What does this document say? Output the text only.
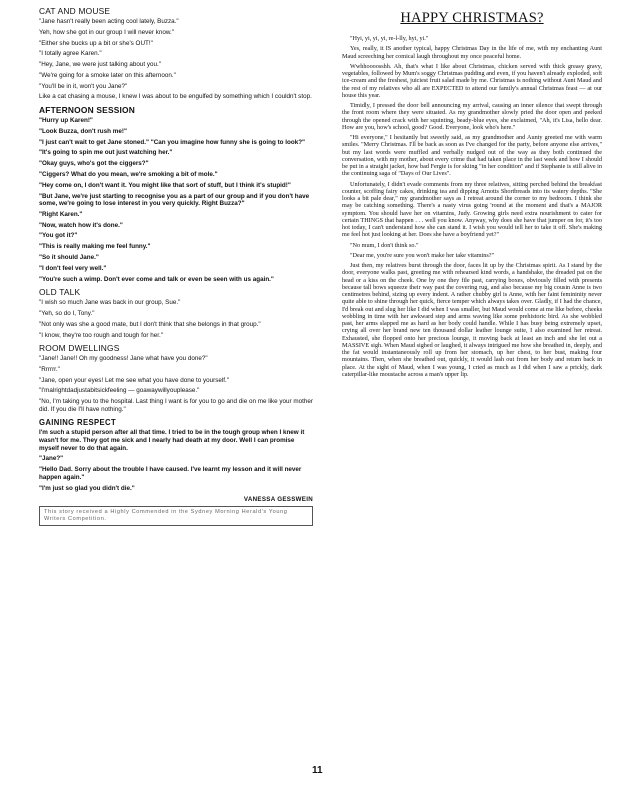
CAT AND MOUSE

"Jane hasn't really been acting cool lately, Buzza."

Yeh, how she got in our group I will never know."

"Either she bucks up a bit or she's OUT!"

"I totally agree Karen."

"Hey, Jane, we were just talking about you."

"We're going for a smoke later on this afternoon."

"You'll be in it, won't you Jane?"

Like a cat chasing a mouse, I knew I was about to be engulfed by something which I couldn't stop.

AFTERNOON SESSION

"Hurry up Karen!"

"Look Buzza, don't rush me!"

"I just can't wait to get Jane stoned." "Can you imagine how funny she is going to look?"

"It's going to spin me out just watching her."

"Okay guys, who's got the ciggers?"

"Ciggers? What do you mean, we're smoking a bit of mole."

"Hey come on, I don't want it. You might like that sort of stuff, but I think it's stupid!"

"But Jane, we're just starting to recognise you as a part of our group and if you don't have some, we're going to lose interest in you very quickly. Right Buzza?"

"Right Karen."

"Now, watch how it's done."

"You got it?"

"This is really making me feel funny."

"So it should Jane."

"I don't feel very well."

"You're such a wimp. Don't ever come and talk or even be seen with us again."

OLD TALK

"I wish so much Jane was back in our group, Sue."

"Yeh, so do I, Tony."

"Not only was she a good mate, but I don't think that she belongs in that group."

"I know, they're too rough and tough for her."

ROOM DWELLINGS

"Jane!! Jane!! Oh my goodness! Jane what have you done?"

"Rrrrrr."

"Jane, open your eyes! Let me see what you have done to yourself."

"I'malrightdadjustabitsickfeeling — goawaywillyouplease."

"No, I'm taking you to the hospital. Last thing I want is for you to go and die on me like your mother did. If you die I'll have nothing."

GAINING RESPECT

I'm such a stupid person after all that time. I tried to be in the tough group when I knew it wasn't for me. They got me sick and I nearly had death at my door. Well I can promise myself never to do that again.

"Jane?"

"Hello Dad. Sorry about the trouble I have caused. I've learnt my lesson and it will never happen again."

"I'm just so glad you didn't die."

VANESSA GESSWEIN
This story received a Highly Commended in the Sydney Morning Herald's Young Writers Competition.
HAPPY CHRISTMAS?

"Hyi, yi, yi, yi, re-l-lly, hyi, yi."

Yes, really, it IS another typical, happy Christmas Day in the life of me, with my enchanting Aunt Maud screeching her comical laugh throughout my once peaceful home.

Wwhhoooosshh. Ah, that's what I like about Christmas, chicken served with thick greasy gravy, vegetables, followed by Mum's soggy Christmas pudding and even, if you haven't already exploded, soft ice-cream and the freshest, juiciest fruit salad made by me. Christmas is nothing without Aunt Maud and the rest of my relatives who all are EXPECTED to attend our family's annual Christmas feast — at our house this year.

Timidly, I pressed the door bell announcing my arrival, causing an inner silence that swept through the front room where they were situated. As my grandmother slowly pried the door open and peeked through the opened crack with her squinting, beady-blue eyes, she exclaimed, "Ah, it's Lisa, hello dear. How are you, how's school, good? Good. Everyone, look who's here."

"Hi everyone," I hesitantly but sweetly said, as my grandmother and Aunty greeted me with warm smiles. "Merry Christmas. I'll be back as soon as I've changed for the party, before anyone else arrives," but my last words were muffled and verbally nudged out of the way as they both continued the conversation, with my mother, about every crime that had taken place in the last week and how I should be put in a straight jacket, how bad Fergie is for skiing "in her condition" and if Stephanie is still alive in the continuing saga of "Days of Our Lives".

Unfortunately, I didn't evade comments from my three relatives, sitting perched behind the breakfast counter, scoffing fairy cakes, drinking tea and dipping Arnotts Shortbreads into its watery depths. "She looks a bit pale dear," my grandmother says as I retreat around the corner to my bedroom. I think she may be catching something. There's a nasty virus going 'round at the moment and that's a MAJOR symptom. You should have her on vitamins, Judy. Growing girls need extra nourishment to cater for certain THINGS that happen . . . well you know. Anyway, why does she have that jumper on for, it's too hot today, I can't understand how she can stand it. I wish you would tell her to take it off. She's making me feel hot just looking at her. Does she have a boyfriend yet?"

"No mum, I don't think so."

"Dear me, you're sure you won't make her take vitamins?"

Just then, my relatives burst through the door, faces lit up by the Christmas spirit. As I stand by the door, everyone walks past, greeting me with rehearsed kind words, a handshake, the dreaded pat on the head or a kiss on the cheek. One by one they file past, carrying boxes, obviously filled with presents because tall bows squeeze their way past the covering rug, and also because my big cousin Anne is two centimetres behind, sizing up every indent. A rather chubby girl is Anne, with her faint femininity never quite able to shine through her quick, fierce temper which always takes over. Gladly, if I had the chance, I'd break out and slug her like I did when I was smaller, but Maud would come at me like before, cheeks wobbling in time with her awkward step and arms waving like some prehistoric bird. As she wobbled past, her arms slapped me as hard as her body could handle. While I has busy being extremely upset, crying all over her brand new ten thousand dollar leather lounge suite, I also examined her retreat. Exhausted, she flopped onto her precious lounge, it moving back at least an inch and she let out a MASSIVE sigh. When Maud sighed or laughed, it always intrigued me how she breathed in, deeply, and the fat would instantaneously roll up from her stomach, up her chest, to her bust, making four mountains. Then, when she breathed out, quickly, it would lash out from her body and return back in place. At the sight of Maud, when I was young, I cried as much as I did when I saw a prickly, dark caterpillar-like moustache across a man's upper lip.

11
